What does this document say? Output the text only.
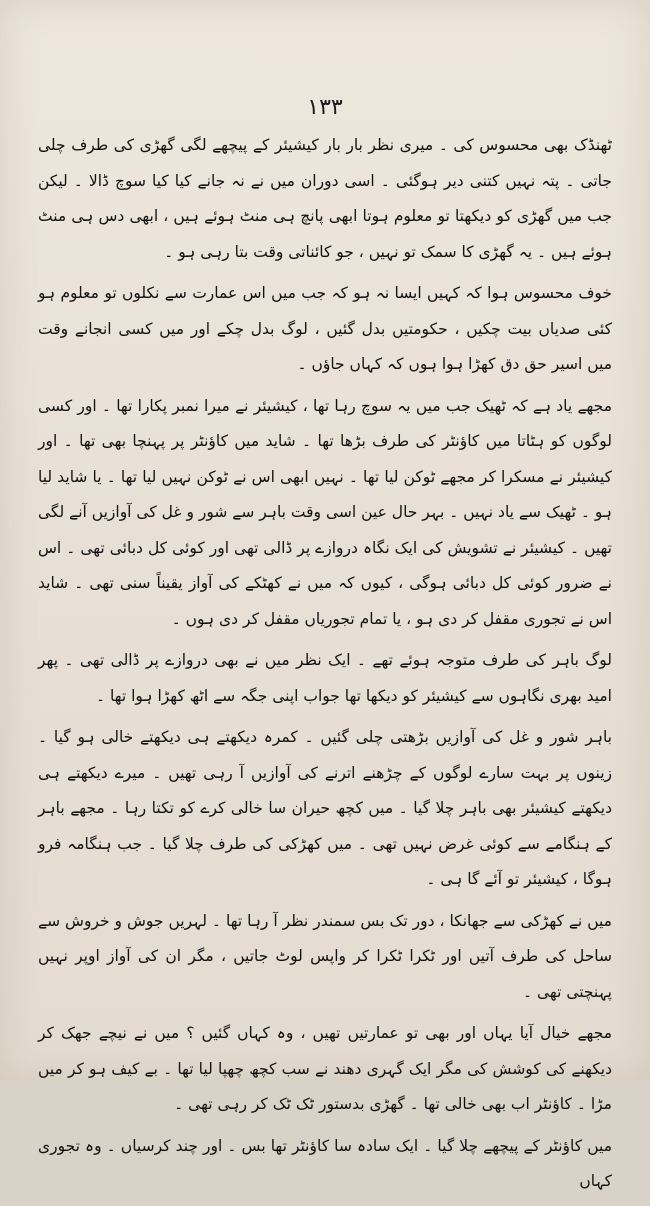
۱۳۳

ٹھنڈک بھی محسوس کی ۔ میری نظر بار بار کیشیئر کے پیچھے لگی گھڑی کی طرف چلی جاتی ۔ پتہ نہیں کتنی دیر ہوگئی ۔ اسی دوران میں نے نہ جانے کیا کیا سوچ ڈالا ۔ لیکن جب میں گھڑی کو دیکھتا تو معلوم ہوتا ابھی پانچ ہی منٹ ہوئے ہیں ، ابھی دس ہی منٹ ہوئے ہیں ۔ یہ گھڑی کا سمک تو نہیں ، جو کائناتی وقت بتا رہی ہو ۔

خوف محسوس ہوا کہ کہیں ایسا نہ ہو کہ جب میں اس عمارت سے نکلوں تو معلوم ہو کئی صدیاں بیت چکیں ، حکومتیں بدل گئیں ، لوگ بدل چکے اور میں کسی انجانے وقت میں اسیر حق دق کھڑا ہوا ہوں کہ کہاں جاؤں ۔

مجھے یاد ہے کہ ٹھیک جب میں یہ سوچ رہا تھا ، کیشیئر نے میرا نمبر پکارا تھا ۔ اور کسی لوگوں کو ہٹاتا میں کاؤنٹر کی طرف بڑھا تھا ۔ شاید میں کاؤنٹر پر پہنچا بھی تھا ۔ اور کیشیئر نے مسکرا کر مجھے ٹوکن لیا تھا ۔ نہیں ابھی اس نے ٹوکن نہیں لیا تھا ۔ یا شاید لیا ہو ۔ ٹھیک سے یاد نہیں ۔ بہر حال عین اسی وقت باہر سے شور و غل کی آوازیں آنے لگی تھیں ۔ کیشیئر نے تشویش کی ایک نگاہ دروازے پر ڈالی تھی اور کوئی کل دبائی تھی ۔ اس نے ضرور کوئی کل دبائی ہوگی ، کیوں کہ میں نے کھٹکے کی آواز یقیناً سنی تھی ۔ شاید اس نے تجوری مقفل کر دی ہو ، یا تمام تجوریاں مقفل کر دی ہوں ۔

لوگ باہر کی طرف متوجہ ہوئے تھے ۔ ایک نظر میں نے بھی دروازے پر ڈالی تھی ۔ پھر امید بھری نگاہوں سے کیشیئر کو دیکھا تھا جواب اپنی جگہ سے اٹھ کھڑا ہوا تھا ۔

باہر شور و غل کی آوازیں بڑھتی چلی گئیں ۔ کمرہ دیکھتے ہی دیکھتے خالی ہو گیا ۔ زینوں پر بہت سارے لوگوں کے چڑھنے اترنے کی آوازیں آ رہی تھیں ۔ میرے دیکھتے ہی دیکھتے کیشیئر بھی باہر چلا گیا ۔ میں کچھ حیران سا خالی کرے کو تکتا رہا ۔ مجھے باہر کے ہنگامے سے کوئی غرض نہیں تھی ۔ میں کھڑکی کی طرف چلا گیا ۔ جب ہنگامہ فرو ہوگا ، کیشیئر تو آئے گا ہی ۔

میں نے کھڑکی سے جھانکا ، دور تک بس سمندر نظر آ رہا تھا ۔ لہریں جوش و خروش سے ساحل کی طرف آتیں اور ٹکرا ٹکرا کر واپس لوٹ جاتیں ، مگر ان کی آواز اوپر نہیں پہنچتی تھی ۔

مجھے خیال آیا یہاں اور بھی تو عمارتیں تھیں ، وہ کہاں گئیں ؟ میں نے نیچے جھک کر دیکھنے کی کوشش کی مگر ایک گہری دھند نے سب کچھ چھپا لیا تھا ۔ بے کیف ہو کر میں مڑا ۔ کاؤنٹر اب بھی خالی تھا ۔ گھڑی بدستور ٹک ٹک کر رہی تھی ۔

میں کاؤنٹر کے پیچھے چلا گیا ۔ ایک سادہ سا کاؤنٹر تھا بس ۔ اور چند کرسیاں ۔ وہ تجوری کہاں
